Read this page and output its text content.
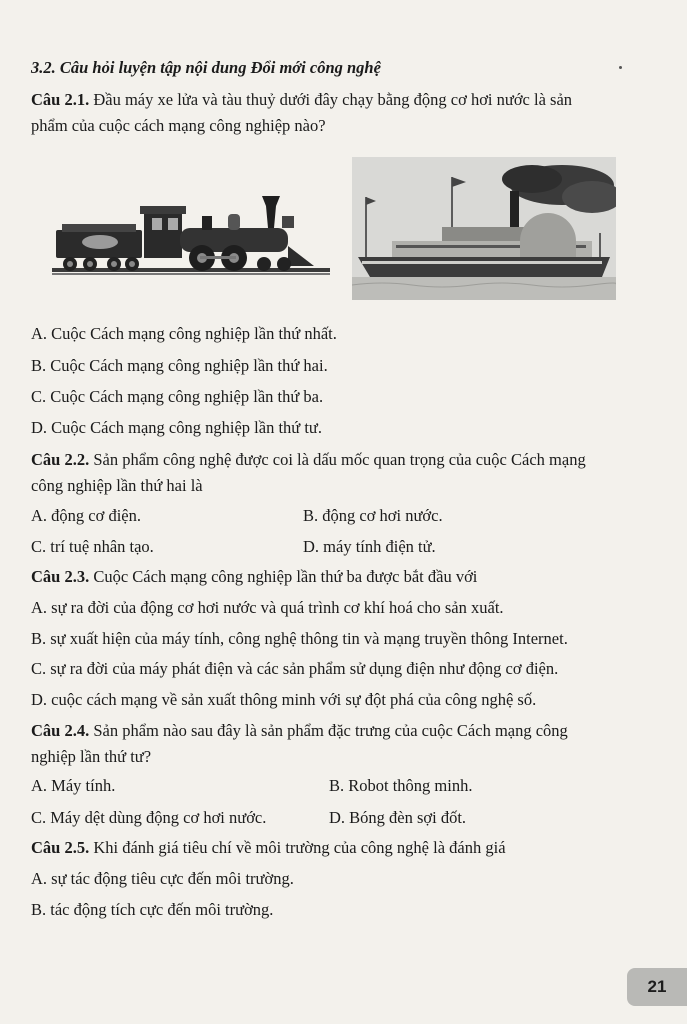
3.2. Câu hỏi luyện tập nội dung Đổi mới công nghệ
Câu 2.1. Đầu máy xe lửa và tàu thuỷ dưới đây chạy bằng động cơ hơi nước là sản
phẩm của cuộc cách mạng công nghiệp nào?
A. Cuộc Cách mạng công nghiệp lần thứ nhất.
B. Cuộc Cách mạng công nghiệp lần thứ hai.
C. Cuộc Cách mạng công nghiệp lần thứ ba.
D. Cuộc Cách mạng công nghiệp lần thứ tư.
Câu 2.2. Sản phẩm công nghệ được coi là dấu mốc quan trọng của cuộc Cách mạng
công nghiệp lần thứ hai là
A. động cơ điện.	B. động cơ hơi nước.
C. trí tuệ nhân tạo.	D. máy tính điện tử.
Câu 2.3. Cuộc Cách mạng công nghiệp lần thứ ba được bắt đầu với
A. sự ra đời của động cơ hơi nước và quá trình cơ khí hoá cho sản xuất.
B. sự xuất hiện của máy tính, công nghệ thông tin và mạng truyền thông Internet.
C. sự ra đời của máy phát điện và các sản phẩm sử dụng điện như động cơ điện.
D. cuộc cách mạng về sản xuất thông minh với sự đột phá của công nghệ số.
Câu 2.4. Sản phẩm nào sau đây là sản phẩm đặc trưng của cuộc Cách mạng công
nghiệp lần thứ tư?
A. Máy tính.	B. Robot thông minh.
C. Máy dệt dùng động cơ hơi nước.	D. Bóng đèn sợi đốt.
Câu 2.5. Khi đánh giá tiêu chí về môi trường của công nghệ là đánh giá
A. sự tác động tiêu cực đến môi trường.
B. tác động tích cực đến môi trường.
21
